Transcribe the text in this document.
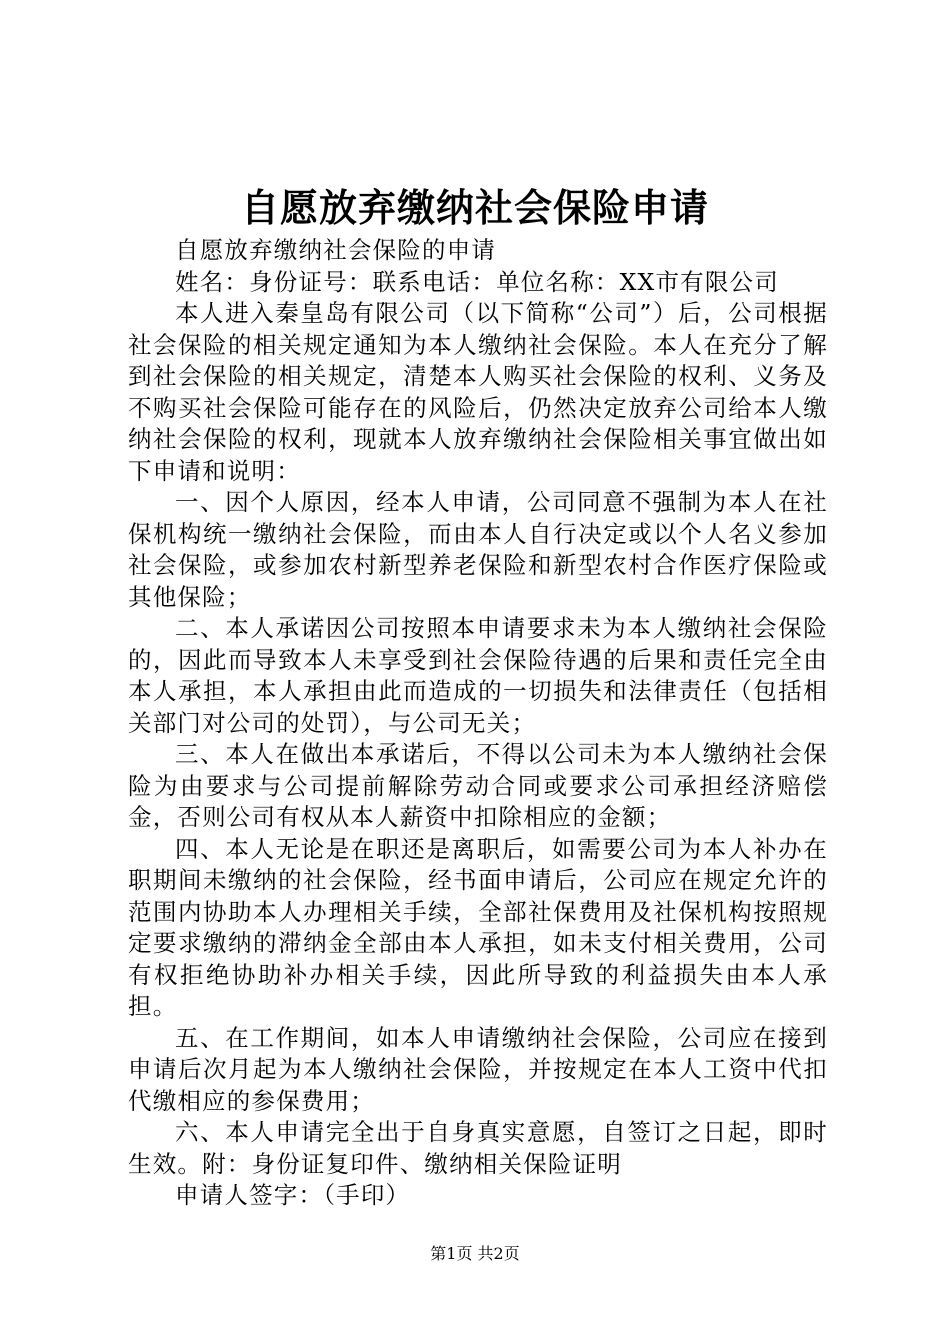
自愿放弃缴纳社会保险申请

自愿放弃缴纳社会保险的申请

姓名：身份证号：联系电话：单位名称：XX市有限公司

本人进入秦皇岛有限公司（以下简称“公司”）后，公司根据社会保险的相关规定通知为本人缴纳社会保险。本人在充分了解到社会保险的相关规定，清楚本人购买社会保险的权利、义务及不购买社会保险可能存在的风险后，仍然决定放弃公司给本人缴纳社会保险的权利，现就本人放弃缴纳社会保险相关事宜做出如下申请和说明：

一、因个人原因，经本人申请，公司同意不强制为本人在社保机构统一缴纳社会保险，而由本人自行决定或以个人名义参加社会保险，或参加农村新型养老保险和新型农村合作医疗保险或其他保险；

二、本人承诺因公司按照本申请要求未为本人缴纳社会保险的，因此而导致本人未享受到社会保险待遇的后果和责任完全由本人承担，本人承担由此而造成的一切损失和法律责任（包括相关部门对公司的处罚），与公司无关；

三、本人在做出本承诺后，不得以公司未为本人缴纳社会保险为由要求与公司提前解除劳动合同或要求公司承担经济赔偿金，否则公司有权从本人薪资中扣除相应的金额；

四、本人无论是在职还是离职后，如需要公司为本人补办在职期间未缴纳的社会保险，经书面申请后，公司应在规定允许的范围内协助本人办理相关手续，全部社保费用及社保机构按照规定要求缴纳的滞纳金全部由本人承担，如未支付相关费用，公司有权拒绝协助补办相关手续，因此所导致的利益损失由本人承担。

五、在工作期间，如本人申请缴纳社会保险，公司应在接到申请后次月起为本人缴纳社会保险，并按规定在本人工资中代扣代缴相应的参保费用；

六、本人申请完全出于自身真实意愿，自签订之日起，即时生效。附：身份证复印件、缴纳相关保险证明

申请人签字：（手印）

第1页 共2页
